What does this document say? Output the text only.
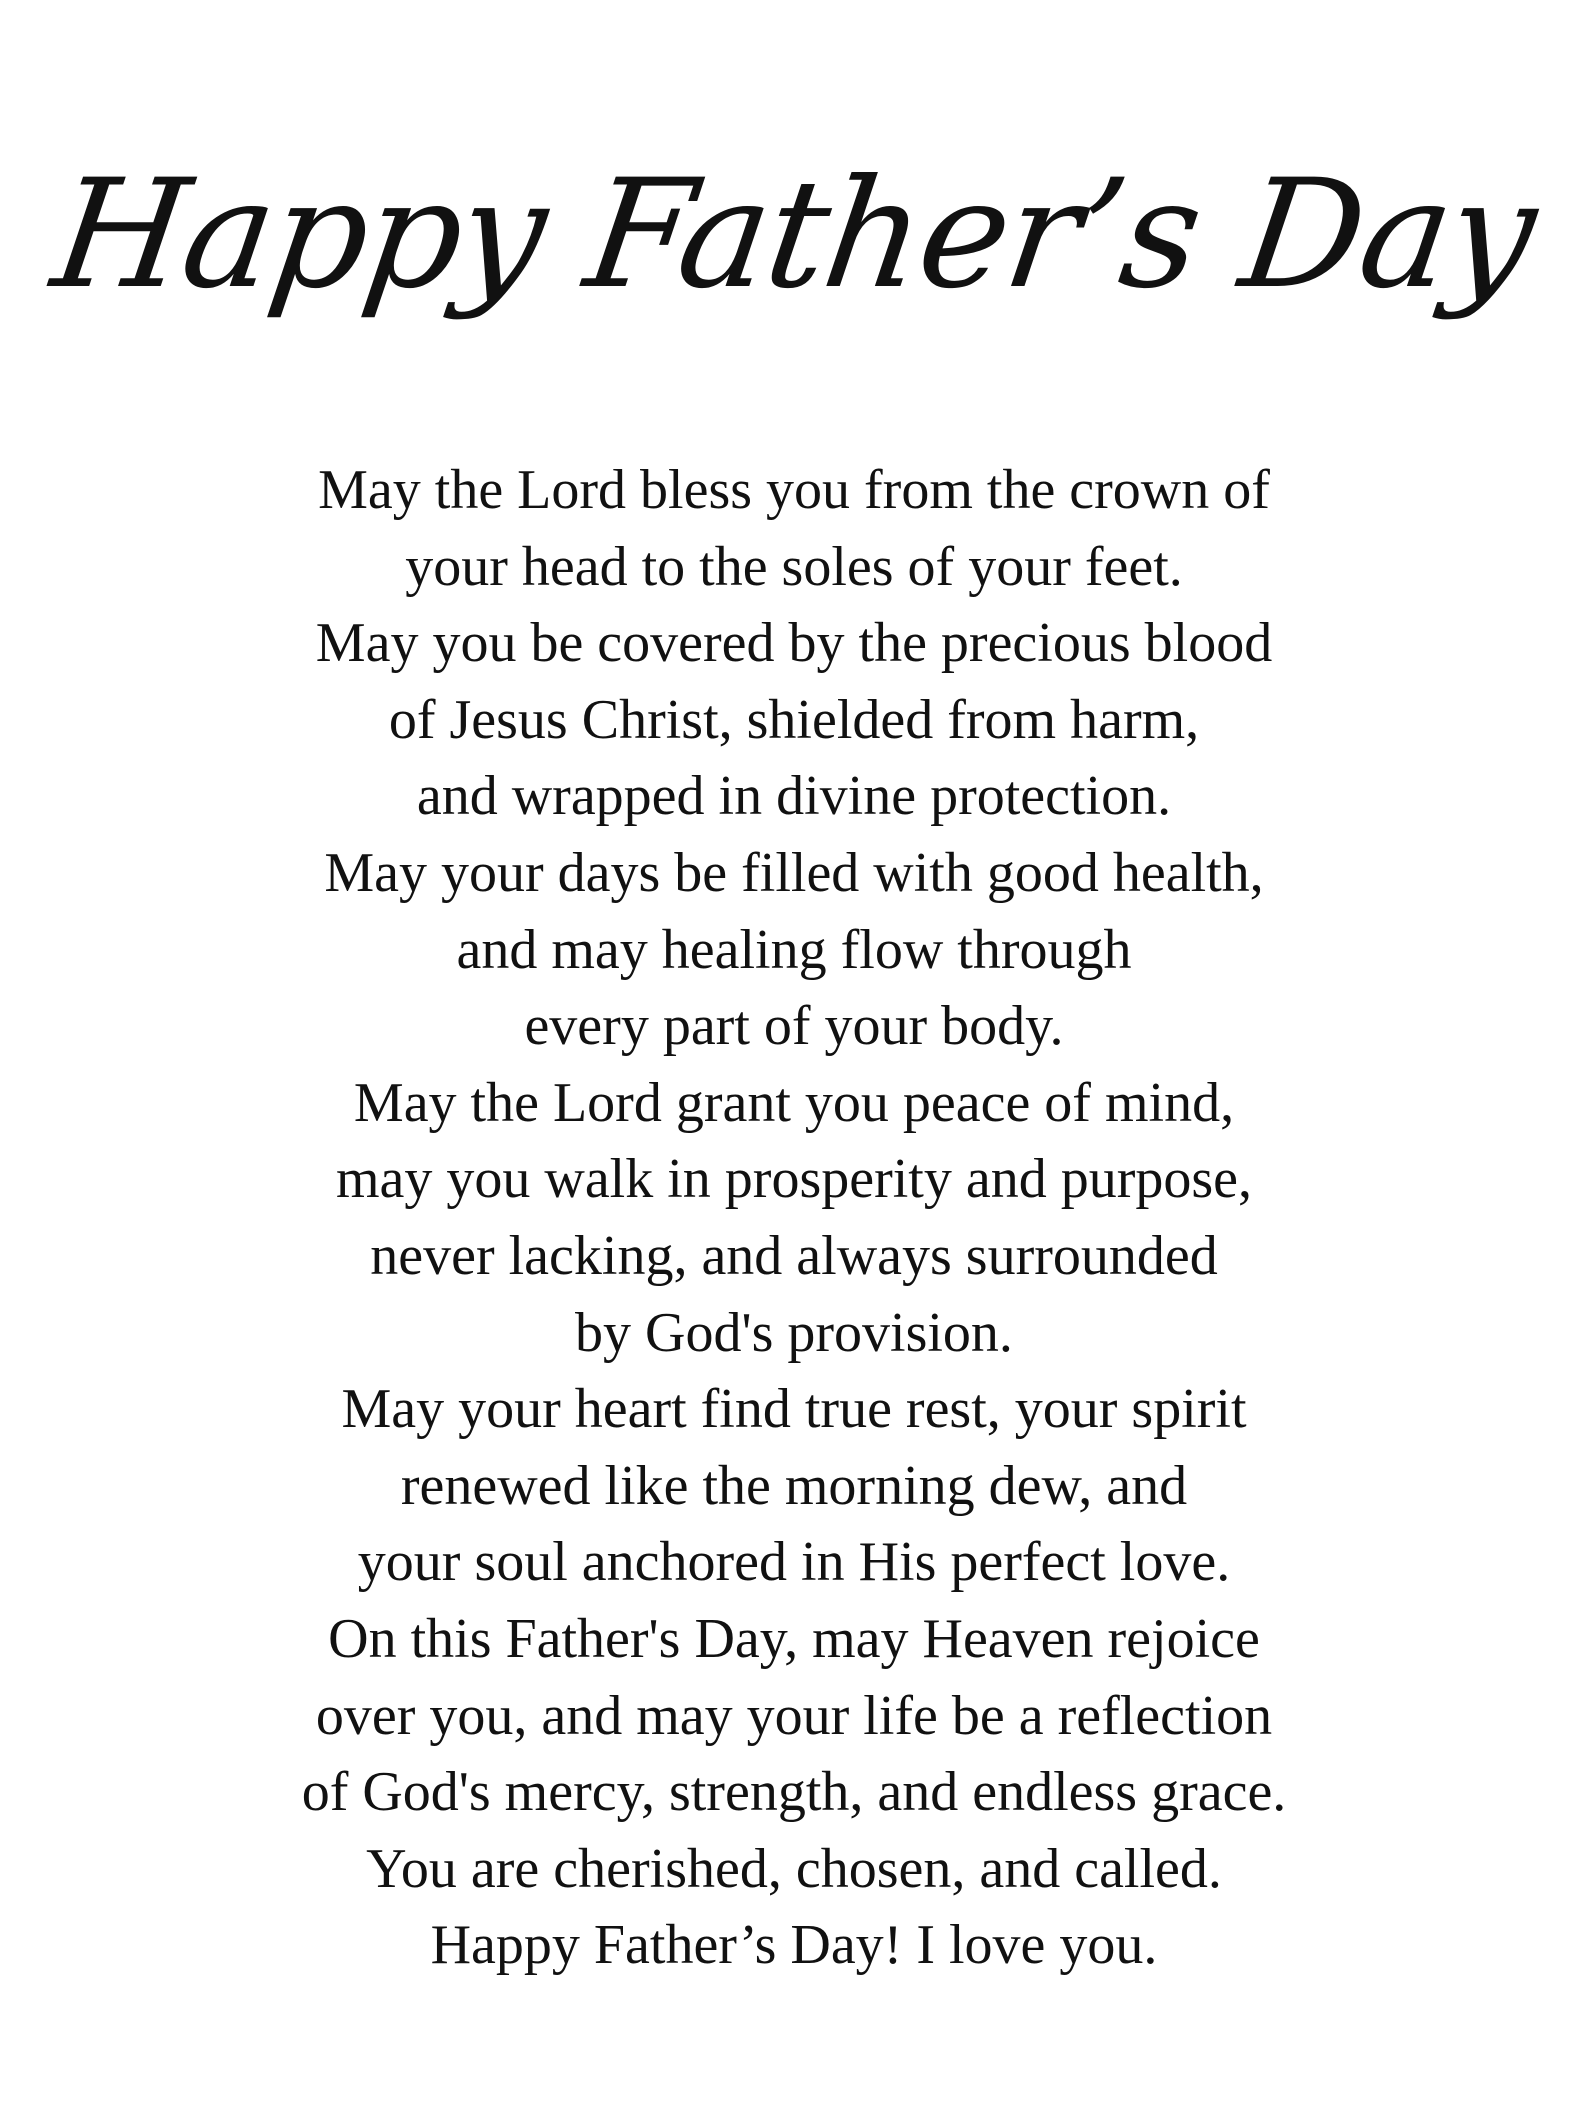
Happy Father’s Day
May the Lord bless you from the crown of
your head to the soles of your feet.
May you be covered by the precious blood
of Jesus Christ, shielded from harm,
and wrapped in divine protection.
May your days be filled with good health,
and may healing flow through
every part of your body.
May the Lord grant you peace of mind,
may you walk in prosperity and purpose,
never lacking, and always surrounded
by God's provision.
May your heart find true rest, your spirit
renewed like the morning dew, and
your soul anchored in His perfect love.
On this Father's Day, may Heaven rejoice
over you, and may your life be a reflection
of God's mercy, strength, and endless grace.
You are cherished, chosen, and called.
Happy Father’s Day! I love you.
